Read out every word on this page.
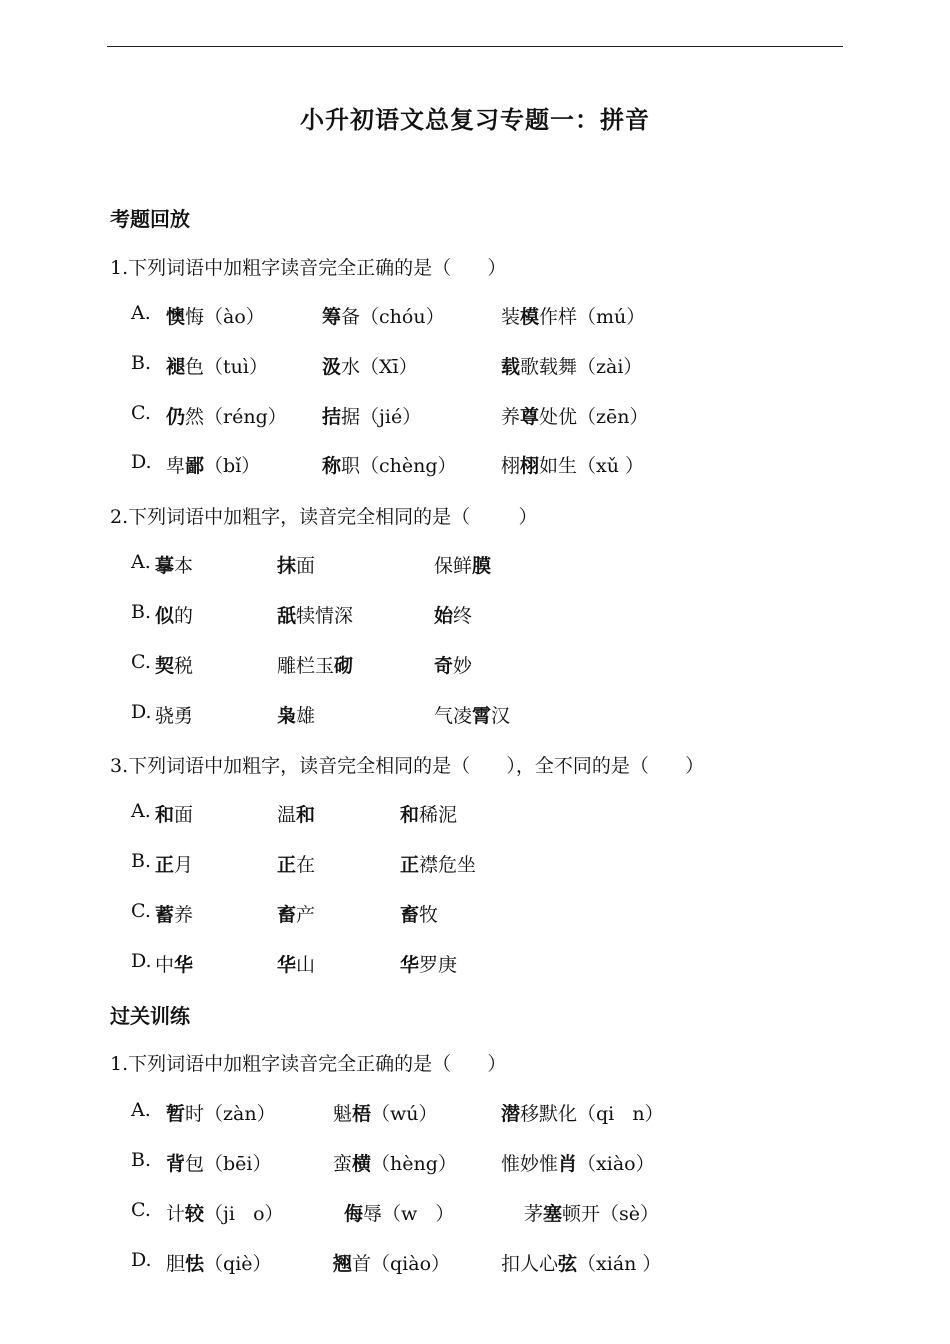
小升初语文总复习专题一：拼音
考题回放
1.下列词语中加粗字读音完全正确的是（      ）
A. 懊悔（ào）	筹备（chóu）	装模作样（mú）
B. 褪色（tuì）	汲水（Xī）	载歌载舞（zài）
C. 仍然（réng） 拮据（jié）	养尊处优（zēn）
D. 卑鄙（bǐ）	称职（chèng） 栩栩如生（xǔ ）
2.下列词语中加粗字，读音完全相同的是（        ）
A. 摹本	抹面	保鲜膜
B. 似的	舐犊情深	始终
C. 契税	雕栏玉砌	奇妙
D. 骁勇	枭雄	气凌霄汉
3.下列词语中加粗字，读音完全相同的是（      ），全不同的是（      ）
A. 和面	温和	和稀泥
B. 正月	正在	正襟危坐
C. 蓄养	畜产	畜牧
D. 中华	华山	华罗庚
过关训练
1.下列词语中加粗字读音完全正确的是（      ）
A. 暂时（zàn）	魁梧（wú）	潜移默化（qi   n）
B. 背包（bēi）	蛮横（hèng） 惟妙惟肖（xiào）
C. 计较（ji   o）	侮辱（w   ）	茅塞顿开（sè）
D. 胆怯（qiè）	翘首（qiào）	扣人心弦（xián ）
